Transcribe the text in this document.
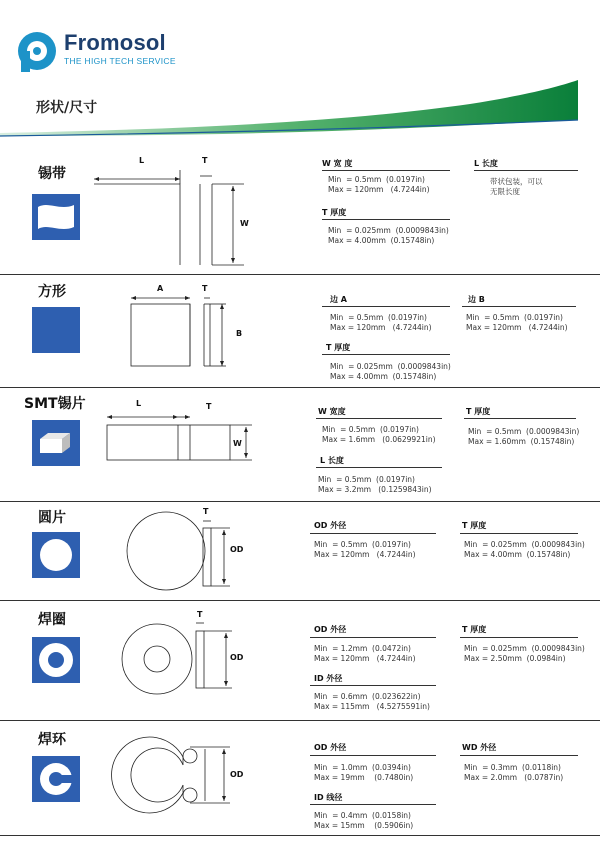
Fromosol
THE HIGH TECH SERVICE
形状/尺寸
锡带
L	T
W
W 宽 度
Min  = 0.5mm  (0.0197in)
Max = 120mm   (4.7244in)
T 厚度
Min  = 0.025mm  (0.0009843in)
Max = 4.00mm  (0.15748in)
L 长度
带状包装，可以
无限长度
方形	A	T
B
边 A
Min  = 0.5mm  (0.0197in)
Max = 120mm   (4.7244in)
T 厚度
Min  = 0.025mm  (0.0009843in)
Max = 4.00mm  (0.15748in)
边 B
Min  = 0.5mm  (0.0197in)
Max = 120mm   (4.7244in)
SMT锡片	L	T
W
W 宽度
Min  = 0.5mm  (0.0197in)
Max = 1.6mm   (0.0629921in)
L 长度
Min  = 0.5mm  (0.0197in)
Max = 3.2mm   (0.1259843in)
T 厚度
Min  = 0.5mm  (0.0009843in)
Max = 1.60mm  (0.15748in)
圆片	T
OD
OD 外径
Min  = 0.5mm  (0.0197in)
Max = 120mm   (4.7244in)
T 厚度
Min  = 0.025mm  (0.0009843in)
Max = 4.00mm  (0.15748in)
焊圈	T
OD
OD 外径
Min  = 1.2mm  (0.0472in)
Max = 120mm   (4.7244in)
ID 外径
Min  = 0.6mm  (0.023622in)
Max = 115mm   (4.5275591in)
T 厚度
Min  = 0.025mm  (0.0009843in)
Max = 2.50mm  (0.0984in)
焊环
OD
OD 外径
Min  = 1.0mm  (0.0394in)
Max = 19mm    (0.7480in)
ID 线径
Min  = 0.4mm  (0.0158in)
Max = 15mm    (0.5906in)
WD 外径
Min  = 0.3mm  (0.0118in)
Max = 2.0mm   (0.0787in)
